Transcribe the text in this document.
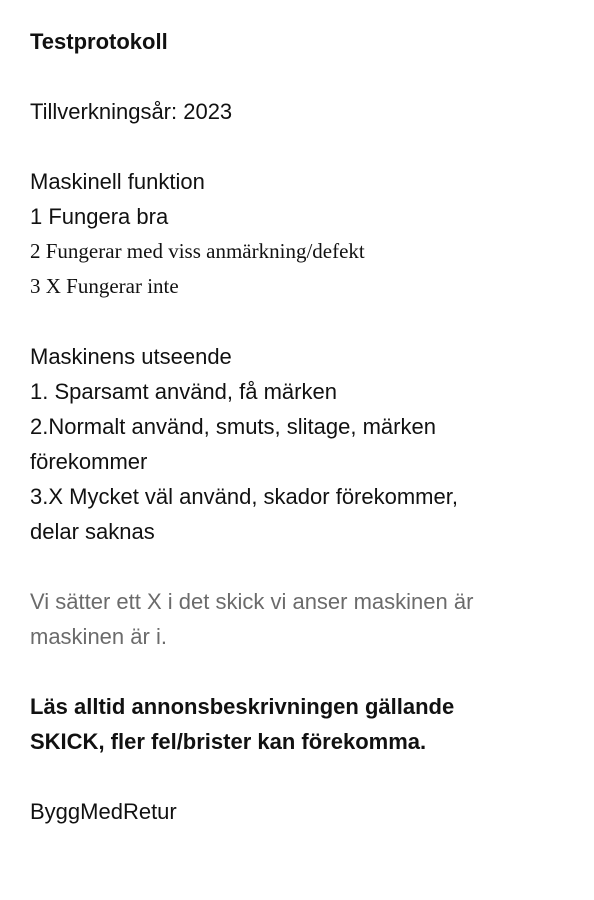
Testprotokoll

Tillverkningsår: 2023

Maskinell funktion

1 Fungera bra

2 Fungerar med viss anmärkning/defekt

3 X Fungerar inte

Maskinens utseende

1. Sparsamt använd, få märken

2.Normalt använd, smuts, slitage, märken

förekommer

3.X Mycket väl använd, skador förekommer,

delar saknas

Vi sätter ett X i det skick vi anser maskinen är

maskinen är i.

Läs alltid annonsbeskrivningen gällande

SKICK, fler fel/brister kan förekomma.

ByggMedRetur
